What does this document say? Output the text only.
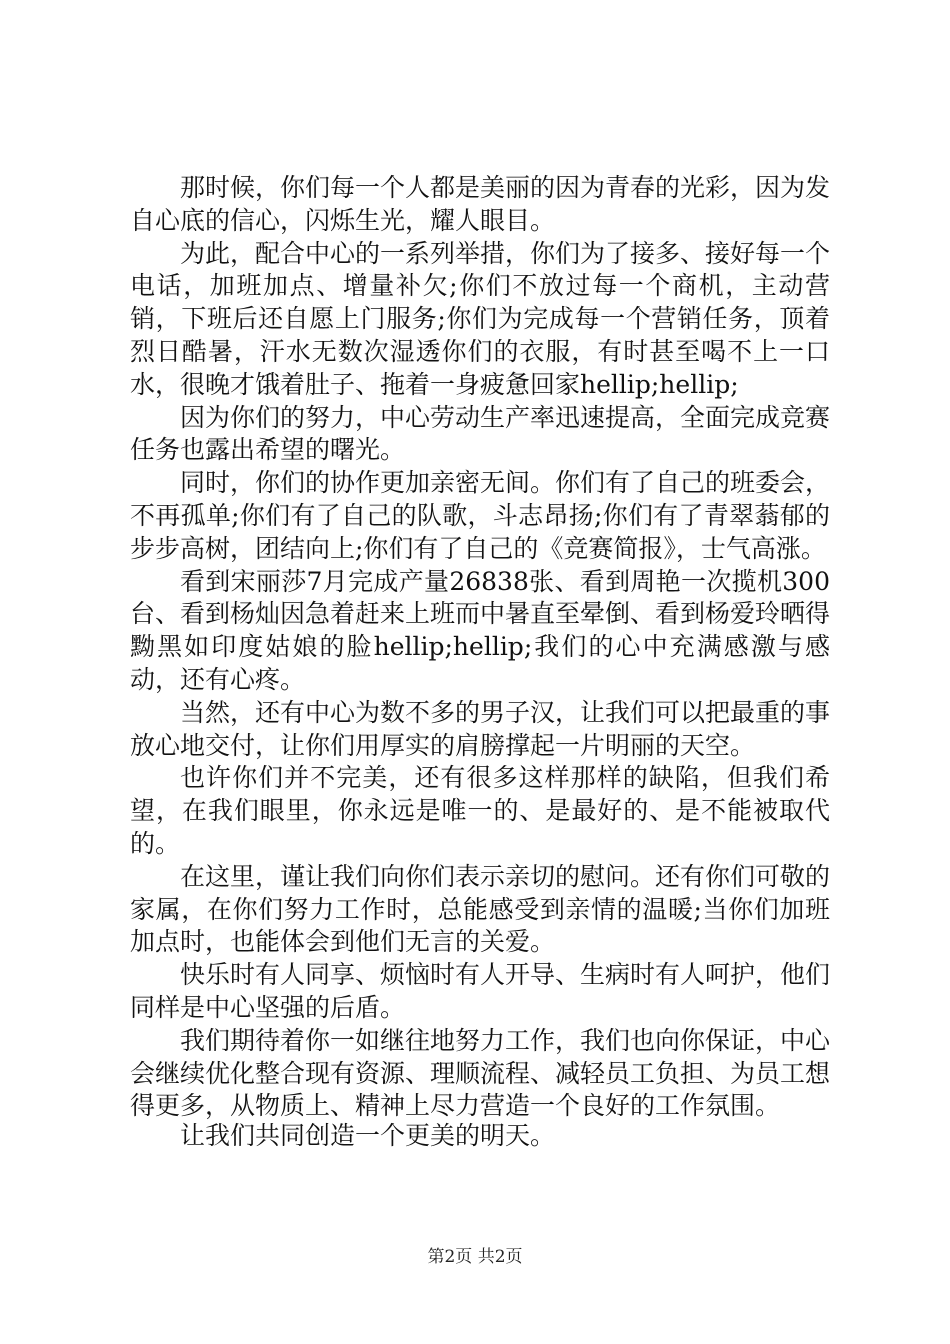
那时候，你们每一个人都是美丽的因为青春的光彩，因为发自心底的信心，闪烁生光，耀人眼目。

为此，配合中心的一系列举措，你们为了接多、接好每一个电话，加班加点、增量补欠;你们不放过每一个商机，主动营销，下班后还自愿上门服务;你们为完成每一个营销任务，顶着烈日酷暑，汗水无数次湿透你们的衣服，有时甚至喝不上一口水，很晚才饿着肚子、拖着一身疲惫回家hellip;hellip;

因为你们的努力，中心劳动生产率迅速提高，全面完成竞赛任务也露出希望的曙光。

同时，你们的协作更加亲密无间。你们有了自己的班委会，不再孤单;你们有了自己的队歌，斗志昂扬;你们有了青翠蓊郁的步步高树，团结向上;你们有了自己的《竞赛简报》，士气高涨。

看到宋丽莎7月完成产量26838张、看到周艳一次揽机300台、看到杨灿因急着赶来上班而中暑直至晕倒、看到杨爱玲晒得黝黑如印度姑娘的脸hellip;hellip;我们的心中充满感激与感动，还有心疼。

当然，还有中心为数不多的男子汉，让我们可以把最重的事放心地交付，让你们用厚实的肩膀撑起一片明丽的天空。

也许你们并不完美，还有很多这样那样的缺陷，但我们希望，在我们眼里，你永远是唯一的、是最好的、是不能被取代的。

在这里，谨让我们向你们表示亲切的慰问。还有你们可敬的家属，在你们努力工作时，总能感受到亲情的温暖;当你们加班加点时，也能体会到他们无言的关爱。

快乐时有人同享、烦恼时有人开导、生病时有人呵护，他们同样是中心坚强的后盾。

我们期待着你一如继往地努力工作，我们也向你保证，中心会继续优化整合现有资源、理顺流程、减轻员工负担、为员工想得更多，从物质上、精神上尽力营造一个良好的工作氛围。

让我们共同创造一个更美的明天。

第2页 共2页
